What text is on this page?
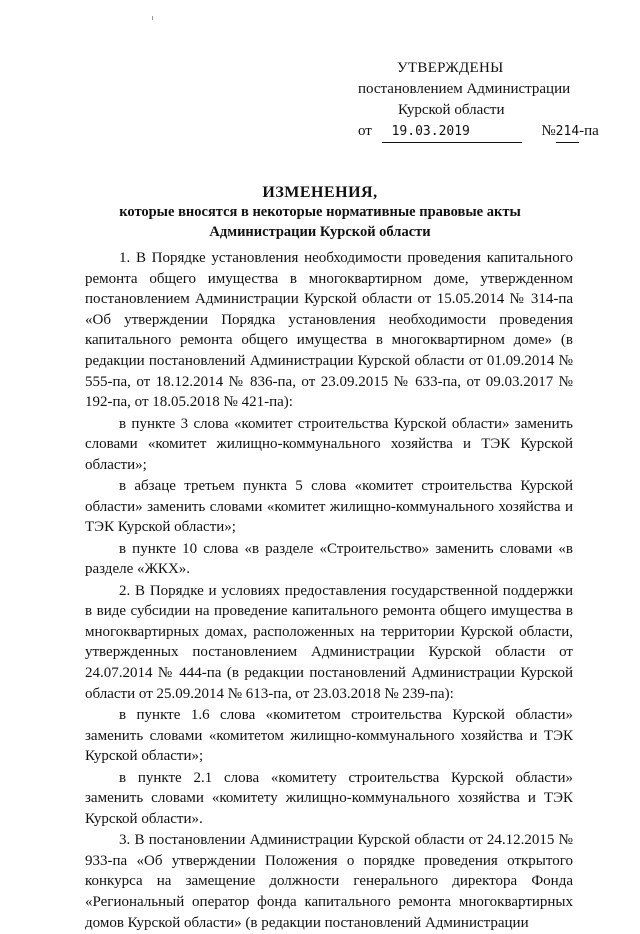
УТВЕРЖДЕНЫ
постановлением Администрации
Курской области
от 19.03.2019	№214-па
ИЗМЕНЕНИЯ,
которые вносятся в некоторые нормативные правовые акты
Администрации Курской области

1. В Порядке установления необходимости проведения капитального ремонта общего имущества в многоквартирном доме, утвержденном постановлением Администрации Курской области от 15.05.2014 № 314-па «Об утверждении Порядка установления необходимости проведения капитального ремонта общего имущества в многоквартирном доме» (в редакции постановлений Администрации Курской области от 01.09.2014 № 555-па, от 18.12.2014 № 836-па, от 23.09.2015 № 633-па, от 09.03.2017 № 192-па, от 18.05.2018 № 421-па):

в пункте 3 слова «комитет строительства Курской области» заменить словами «комитет жилищно-коммунального хозяйства и ТЭК Курской области»;

в абзаце третьем пункта 5 слова «комитет строительства Курской области» заменить словами «комитет жилищно-коммунального хозяйства и ТЭК Курской области»;

в пункте 10 слова «в разделе «Строительство» заменить словами «в разделе «ЖКХ».

2. В Порядке и условиях предоставления государственной поддержки в виде субсидии на проведение капитального ремонта общего имущества в многоквартирных домах, расположенных на территории Курской области, утвержденных постановлением Администрации Курской области от 24.07.2014 № 444-па (в редакции постановлений Администрации Курской области от 25.09.2014 № 613-па, от 23.03.2018 № 239-па):

в пункте 1.6 слова «комитетом строительства Курской области» заменить словами «комитетом жилищно-коммунального хозяйства и ТЭК Курской области»;

в пункте 2.1 слова «комитету строительства Курской области» заменить словами «комитету жилищно-коммунального хозяйства и ТЭК Курской области».

3. В постановлении Администрации Курской области от 24.12.2015 № 933-па «Об утверждении Положения о порядке проведения открытого конкурса на замещение должности генерального директора Фонда «Региональный оператор фонда капитального ремонта многоквартирных домов Курской области» (в редакции постановлений Администрации
